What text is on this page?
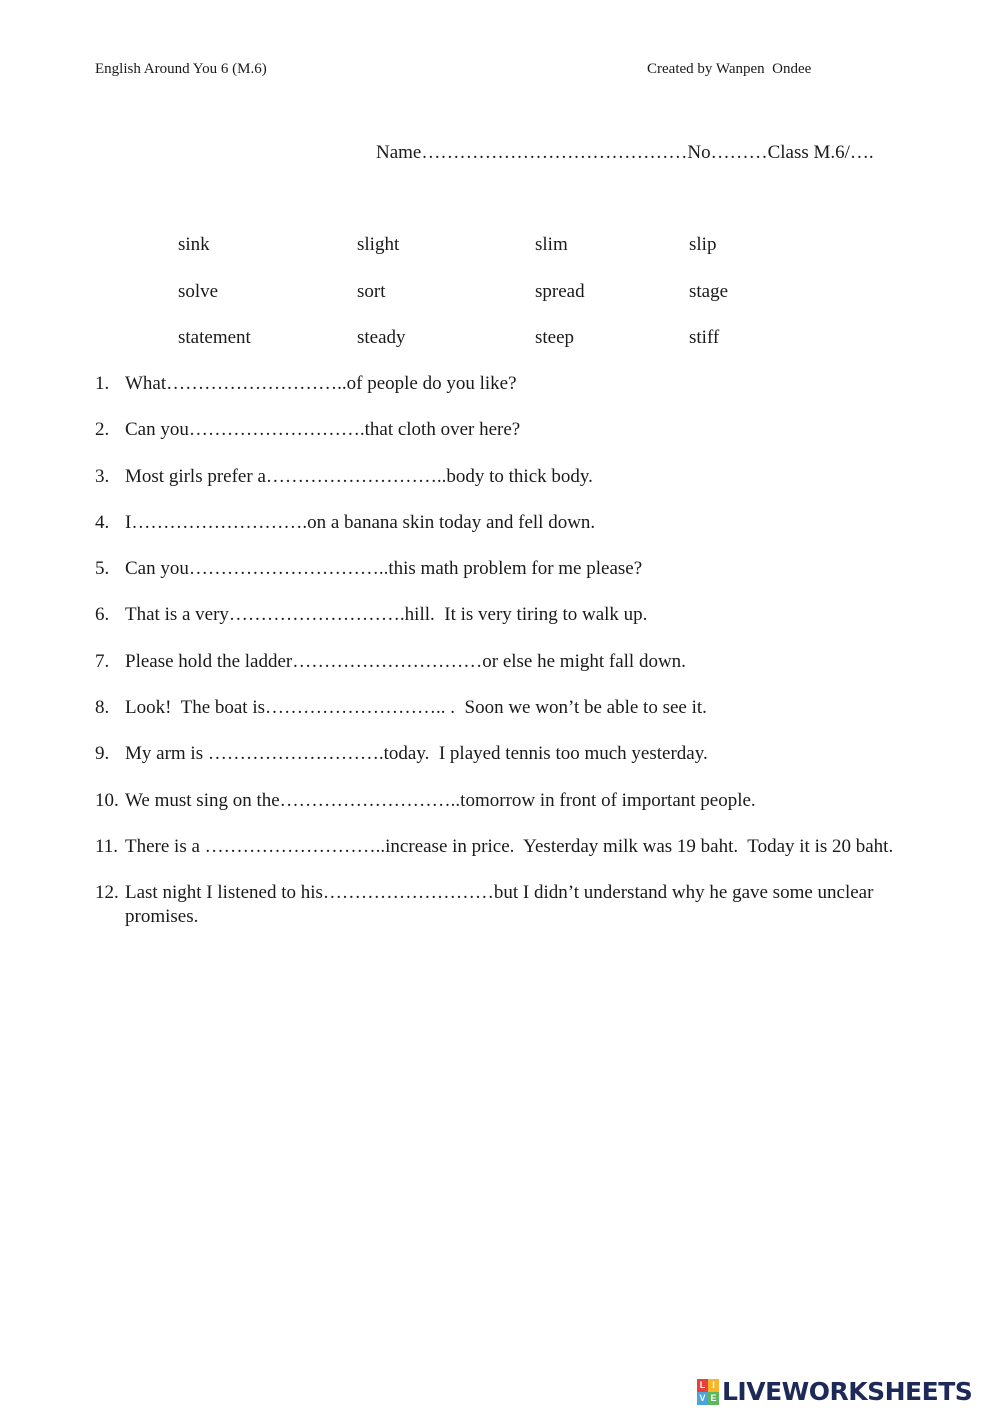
English Around You 6 (M.6)	Created by Wanpen  Ondee
Name……………………………………No………Class M.6/….
sink	slight	slim	slip
solve	sort	spread	stage
statement	steady	steep	stiff
1. What………………………..of people do you like?
2. Can you……………………….that cloth over here?
3. Most girls prefer a………………………..body to thick body.
4. I……………………….on a banana skin today and fell down.
5. Can you…………………………..this math problem for me please?
6. That is a very……………………….hill.  It is very tiring to walk up.
7. Please hold the ladder…………………………or else he might fall down.
8. Look!  The boat is……………………….. .  Soon we won’t be able to see it.
9. My arm is ……………………….today.  I played tennis too much yesterday.
10. We must sing on the………………………..tomorrow in front of important people.
11. There is a ………………………..increase in price.  Yesterday milk was 19 baht.  Today it is 20 baht.
12. Last night I listened to his………………………but I didn’t understand why he gave some unclear promises.
L I
V E LIVEWORKSHEETS
